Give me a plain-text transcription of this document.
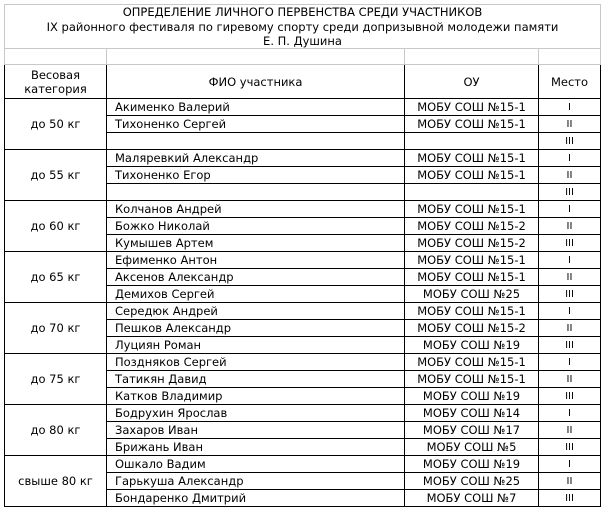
ОПРЕДЕЛЕНИЕ ЛИЧНОГО ПЕРВЕНСТВА СРЕДИ УЧАСТНИКОВ			
IX районного фестиваля по гиревому спорту среди допризывной молодежи памяти			
Е. П. Душина			

Весовая категория	ФИО участника	ОУ	Место
до 50 кг	Акименко Валерий	МОБУ СОШ №15-1	I
	Тихоненко Сергей	МОБУ СОШ №15-1	II
			III
до 55 кг	Маляревкий Александр	МОБУ СОШ №15-1	I
	Тихоненко Егор	МОБУ СОШ №15-1	II
			III
до 60 кг	Колчанов Андрей	МОБУ СОШ №15-1	I
	Божко Николай	МОБУ СОШ №15-2	II
	Кумышев Артем	МОБУ СОШ №15-2	III
до 65 кг	Ефименко Антон	МОБУ СОШ №15-1	I
	Аксенов Александр	МОБУ СОШ №15-1	II
	Демихов Сергей	МОБУ СОШ №25	III
до 70 кг	Середюк Андрей	МОБУ СОШ №15-1	I
	Пешков Александр	МОБУ СОШ №15-2	II
	Луциян Роман	МОБУ СОШ №19	III
до 75 кг	Поздняков Сергей	МОБУ СОШ №15-1	I
	Татикян Давид	МОБУ СОШ №15-1	II
	Катков Владимир	МОБУ СОШ №19	III
до 80 кг	Бодрухин Ярослав	МОБУ СОШ №14	I
	Захаров Иван	МОБУ СОШ №17	II
	Брижань Иван	МОБУ СОШ №5	III
свыше 80 кг	Ошкало Вадим	МОБУ СОШ №19	I
	Гарькуша Александр	МОБУ СОШ №25	II
	Бондаренко Дмитрий	МОБУ СОШ №7	III
